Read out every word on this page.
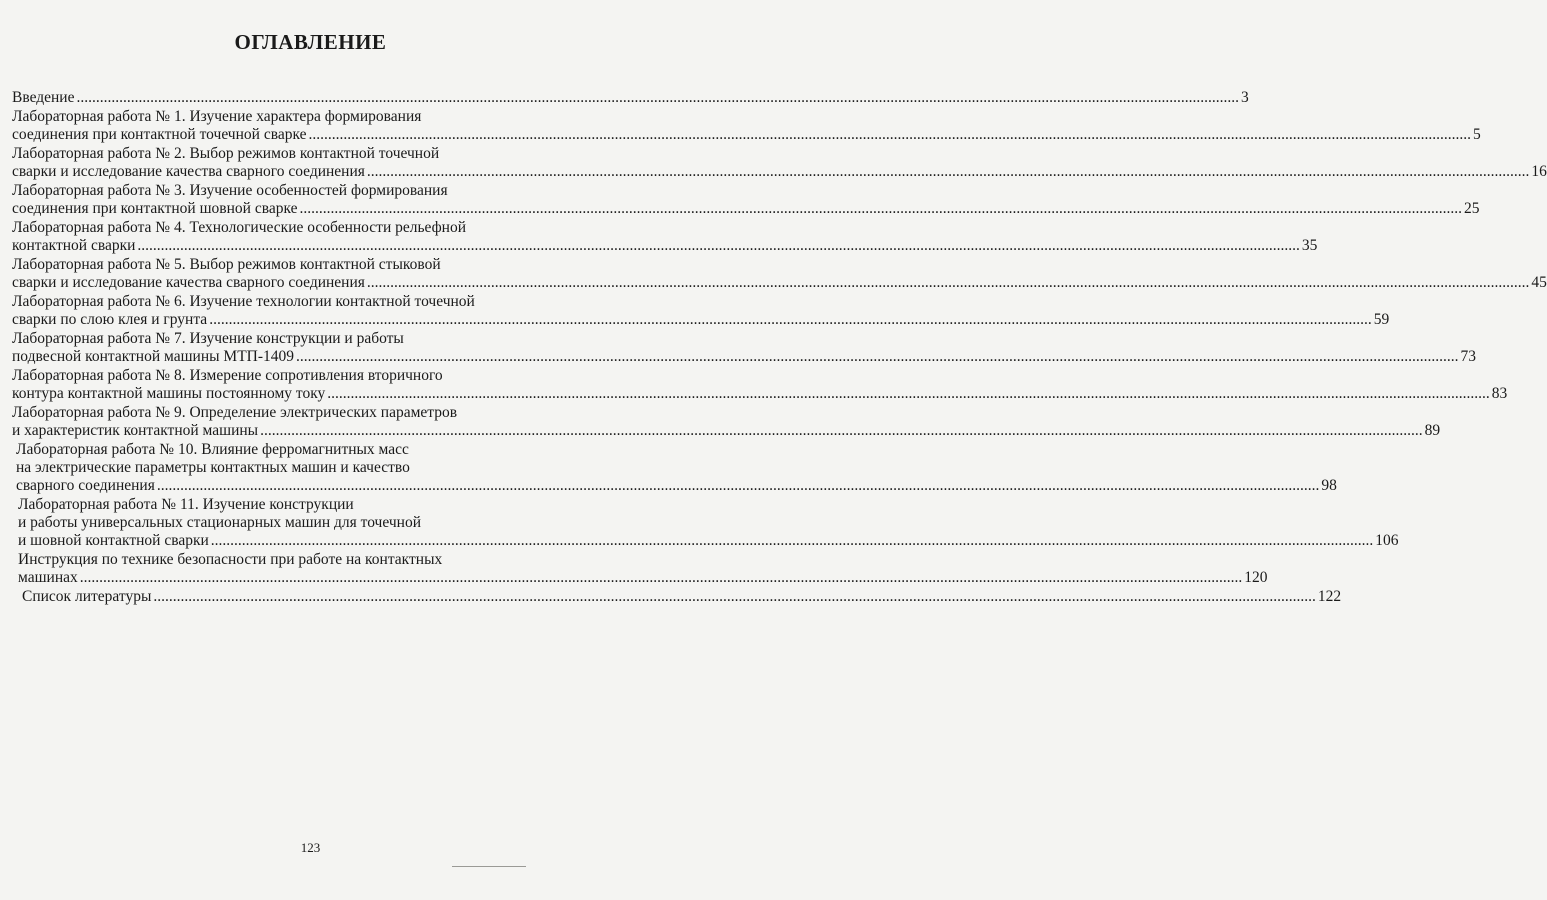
ОГЛАВЛЕНИЕ
Введение ............................................................................................................................................................................................................................................................................................................ 3
Лабораторная работа № 1. Изучение характера формирования
соединения при контактной точечной сварке ............................................................................................................................................................................................................................................................................................................ 5
Лабораторная работа № 2. Выбор режимов контактной точечной
сварки и исследование качества сварного соединения ............................................................................................................................................................................................................................................................................................................ 16
Лабораторная работа № 3. Изучение особенностей формирования
соединения при контактной шовной сварке ............................................................................................................................................................................................................................................................................................................ 25
Лабораторная работа № 4. Технологические особенности рельефной
контактной сварки ............................................................................................................................................................................................................................................................................................................ 35
Лабораторная работа № 5. Выбор режимов контактной стыковой
сварки и исследование качества сварного соединения ............................................................................................................................................................................................................................................................................................................ 45
Лабораторная работа № 6. Изучение технологии контактной точечной
сварки по слою клея и грунта ............................................................................................................................................................................................................................................................................................................ 59
Лабораторная работа № 7. Изучение конструкции и работы
подвесной контактной машины МТП-1409 ............................................................................................................................................................................................................................................................................................................ 73
Лабораторная работа № 8. Измерение сопротивления вторичного
контура контактной машины постоянному току ............................................................................................................................................................................................................................................................................................................ 83
Лабораторная работа № 9. Определение электрических параметров
и характеристик контактной машины ............................................................................................................................................................................................................................................................................................................ 89
Лабораторная работа № 10. Влияние ферромагнитных масс
на электрические параметры контактных машин и качество
сварного соединения ............................................................................................................................................................................................................................................................................................................ 98
Лабораторная работа № 11. Изучение конструкции
и работы универсальных стационарных машин для точечной
и шовной контактной сварки ............................................................................................................................................................................................................................................................................................................ 106
Инструкция по технике безопасности при работе на контактных
машинах ............................................................................................................................................................................................................................................................................................................ 120
Список литературы ............................................................................................................................................................................................................................................................................................................ 122
123
